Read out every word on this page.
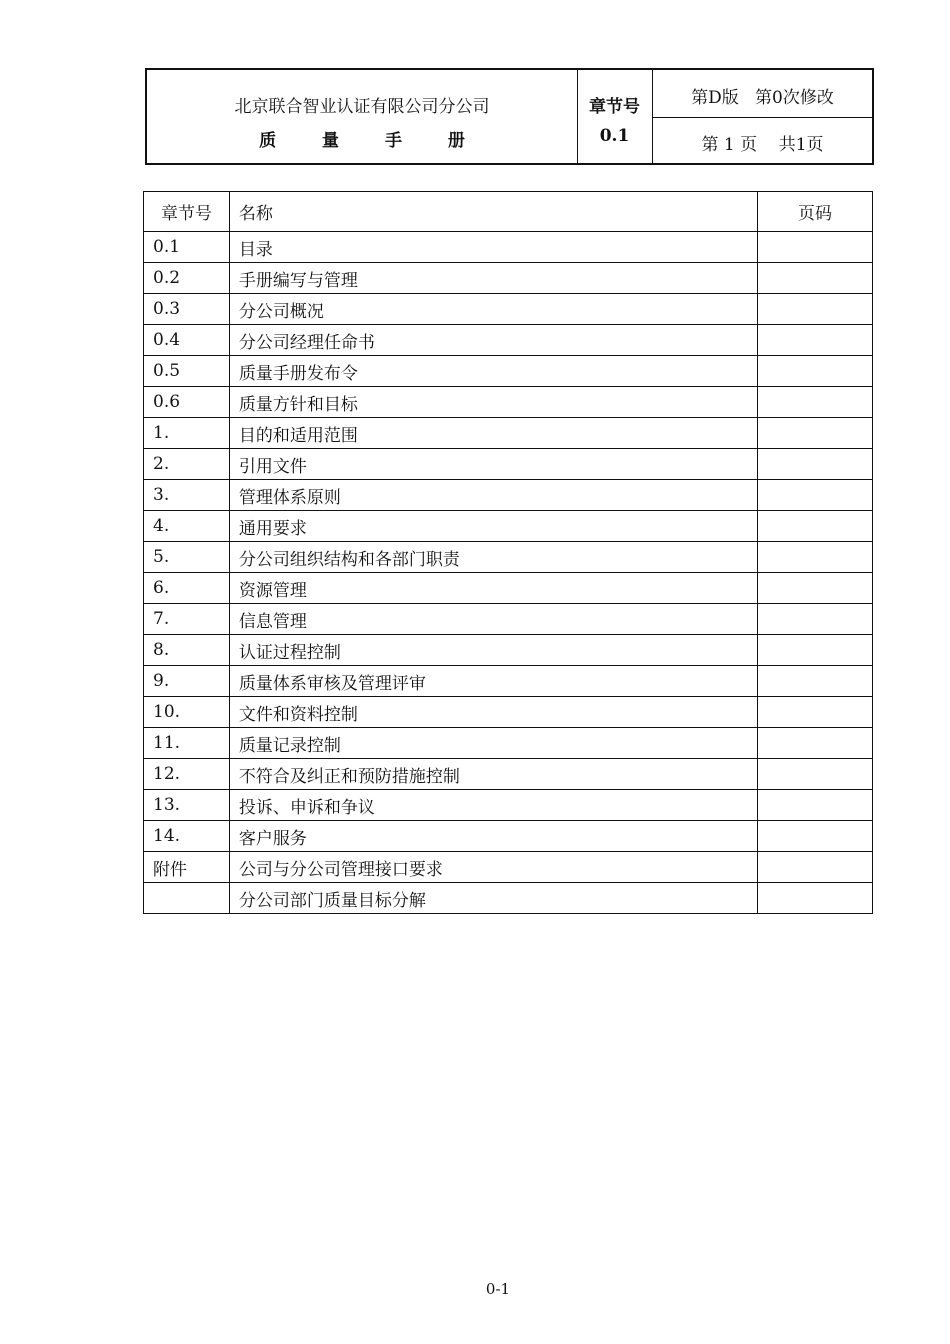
北京联合智业认证有限公司分公司
质 量 手 册
章节号
0.1
第D版   第0次修改
第 1 页    共1页
章节号	名称	页码
0.1	目录	
0.2	手册编写与管理	
0.3	分公司概况	
0.4	分公司经理任命书	
0.5	质量手册发布令	
0.6	质量方针和目标	
1.	目的和适用范围	
2.	引用文件	
3.	管理体系原则	
4.	通用要求	
5.	分公司组织结构和各部门职责	
6.	资源管理	
7.	信息管理	
8.	认证过程控制	
9.	质量体系审核及管理评审	
10.	文件和资料控制	
11.	质量记录控制	
12.	不符合及纠正和预防措施控制	
13.	投诉、申诉和争议	
14.	客户服务	
附件	公司与分公司管理接口要求	
	分公司部门质量目标分解	
0-1
